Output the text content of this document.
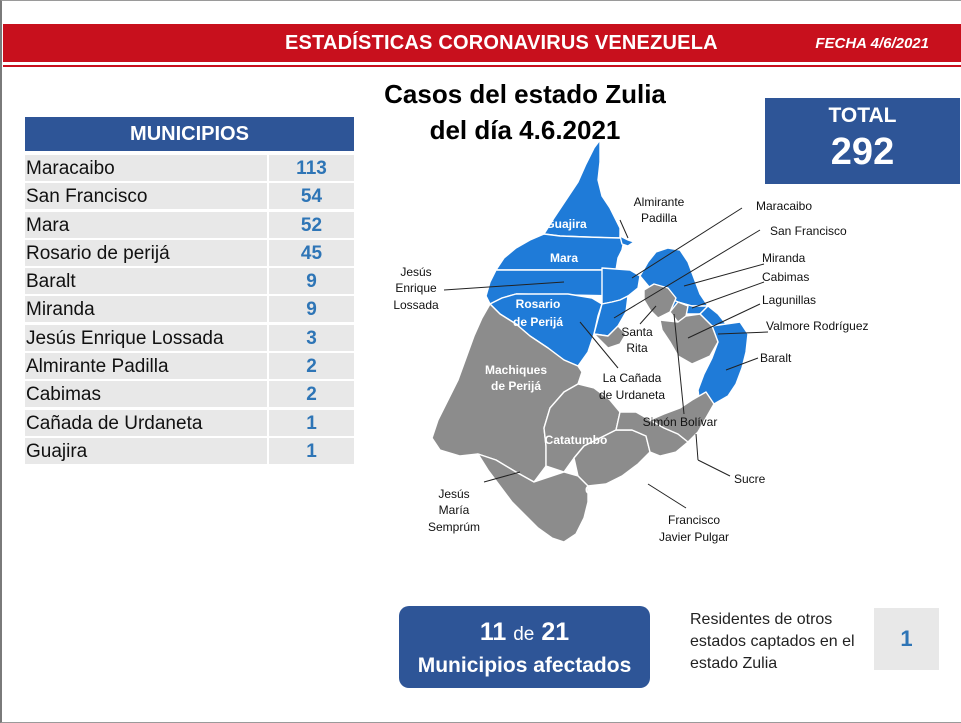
ESTADÍSTICAS CORONAVIRUS VENEZUELA	FECHA 4/6/2021
Casos del estado Zulia
del día 4.6.2021	TOTAL
292
MUNICIPIOS
Maracaibo	113
San Francisco	54
Mara	52
Rosario de perijá	45
Baralt	9
Miranda	9
Jesús Enrique Lossada	3
Almirante Padilla	2
Cabimas	2
Cañada de Urdaneta	1
Guajira	1
Guajira
Mara
Rosario
de Perijá
Machiques
de Perijá
Catatumbo
Colón
Almirante
Padilla
Maracaibo
San Francisco
Miranda
Cabimas
Lagunillas
Valmore Rodríguez
Baralt
Jesús
Enrique
Lossada
Santa
Rita
La Cañada
de Urdaneta
Simón Bolívar
Sucre
Francisco
Javier Pulgar
Jesús
María
Semprúm
11 de 21
Municipios afectados
Residentes de otros estados captados en el estado Zulia
1
